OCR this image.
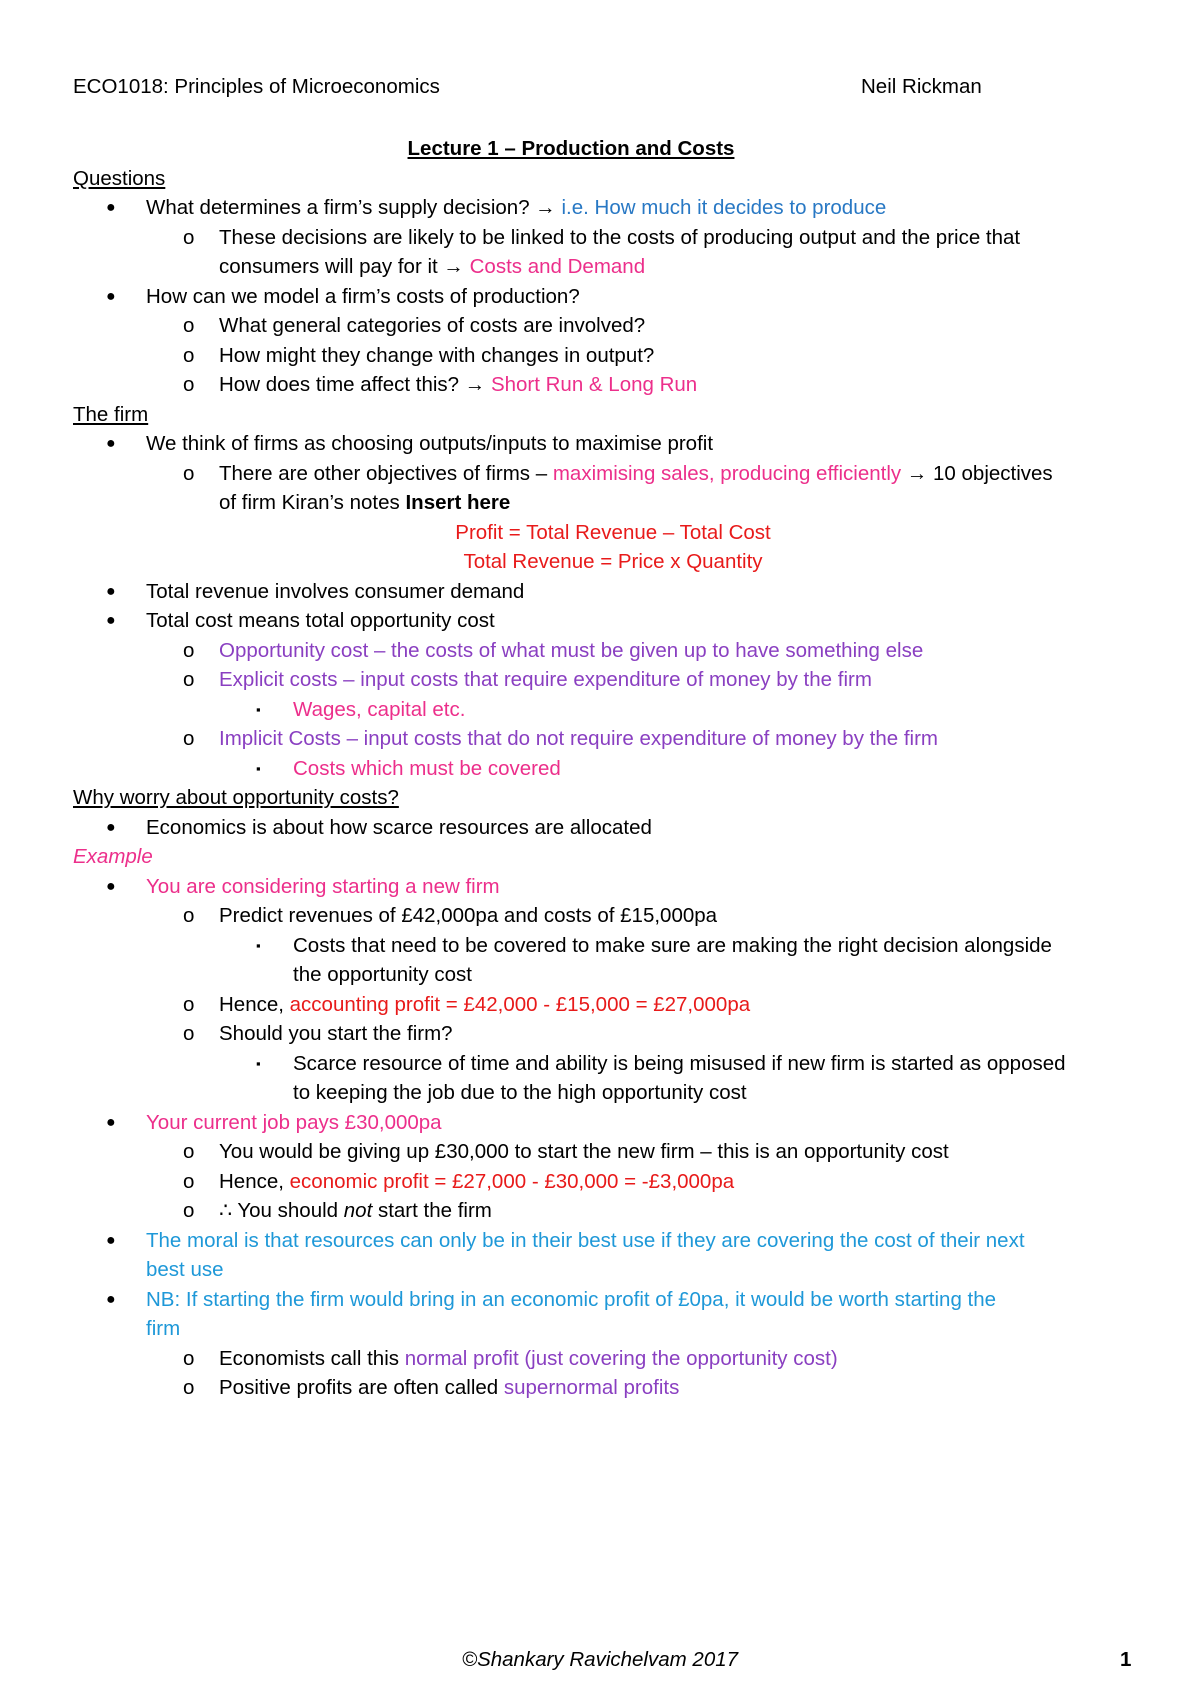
ECO1018: Principles of Microeconomics	Neil Rickman
Lecture 1 – Production and Costs
Questions
● What determines a firm’s supply decision? → i.e. How much it decides to produce
o These decisions are likely to be linked to the costs of producing output and the price that
consumers will pay for it → Costs and Demand
● How can we model a firm’s costs of production?
o What general categories of costs are involved?
o How might they change with changes in output?
o How does time affect this? → Short Run & Long Run
The firm
● We think of firms as choosing outputs/inputs to maximise profit
o There are other objectives of firms – maximising sales, producing efficiently → 10 objectives
of firm Kiran’s notes Insert here
Profit = Total Revenue – Total Cost
Total Revenue = Price x Quantity
● Total revenue involves consumer demand
● Total cost means total opportunity cost
o Opportunity cost – the costs of what must be given up to have something else
o Explicit costs – input costs that require expenditure of money by the firm
▪ Wages, capital etc.
o Implicit Costs – input costs that do not require expenditure of money by the firm
▪ Costs which must be covered
Why worry about opportunity costs?
● Economics is about how scarce resources are allocated
Example
● You are considering starting a new firm
o Predict revenues of £42,000pa and costs of £15,000pa
▪ Costs that need to be covered to make sure are making the right decision alongside
the opportunity cost
o Hence, accounting profit = £42,000 - £15,000 = £27,000pa
o Should you start the firm?
▪ Scarce resource of time and ability is being misused if new firm is started as opposed
to keeping the job due to the high opportunity cost
● Your current job pays £30,000pa
o You would be giving up £30,000 to start the new firm – this is an opportunity cost
o Hence, economic profit = £27,000 - £30,000 = -£3,000pa
o ∴ You should not start the firm
● The moral is that resources can only be in their best use if they are covering the cost of their next
best use
● NB: If starting the firm would bring in an economic profit of £0pa, it would be worth starting the
firm
o Economists call this normal profit (just covering the opportunity cost)
o Positive profits are often called supernormal profits
©Shankary Ravichelvam 2017	1
